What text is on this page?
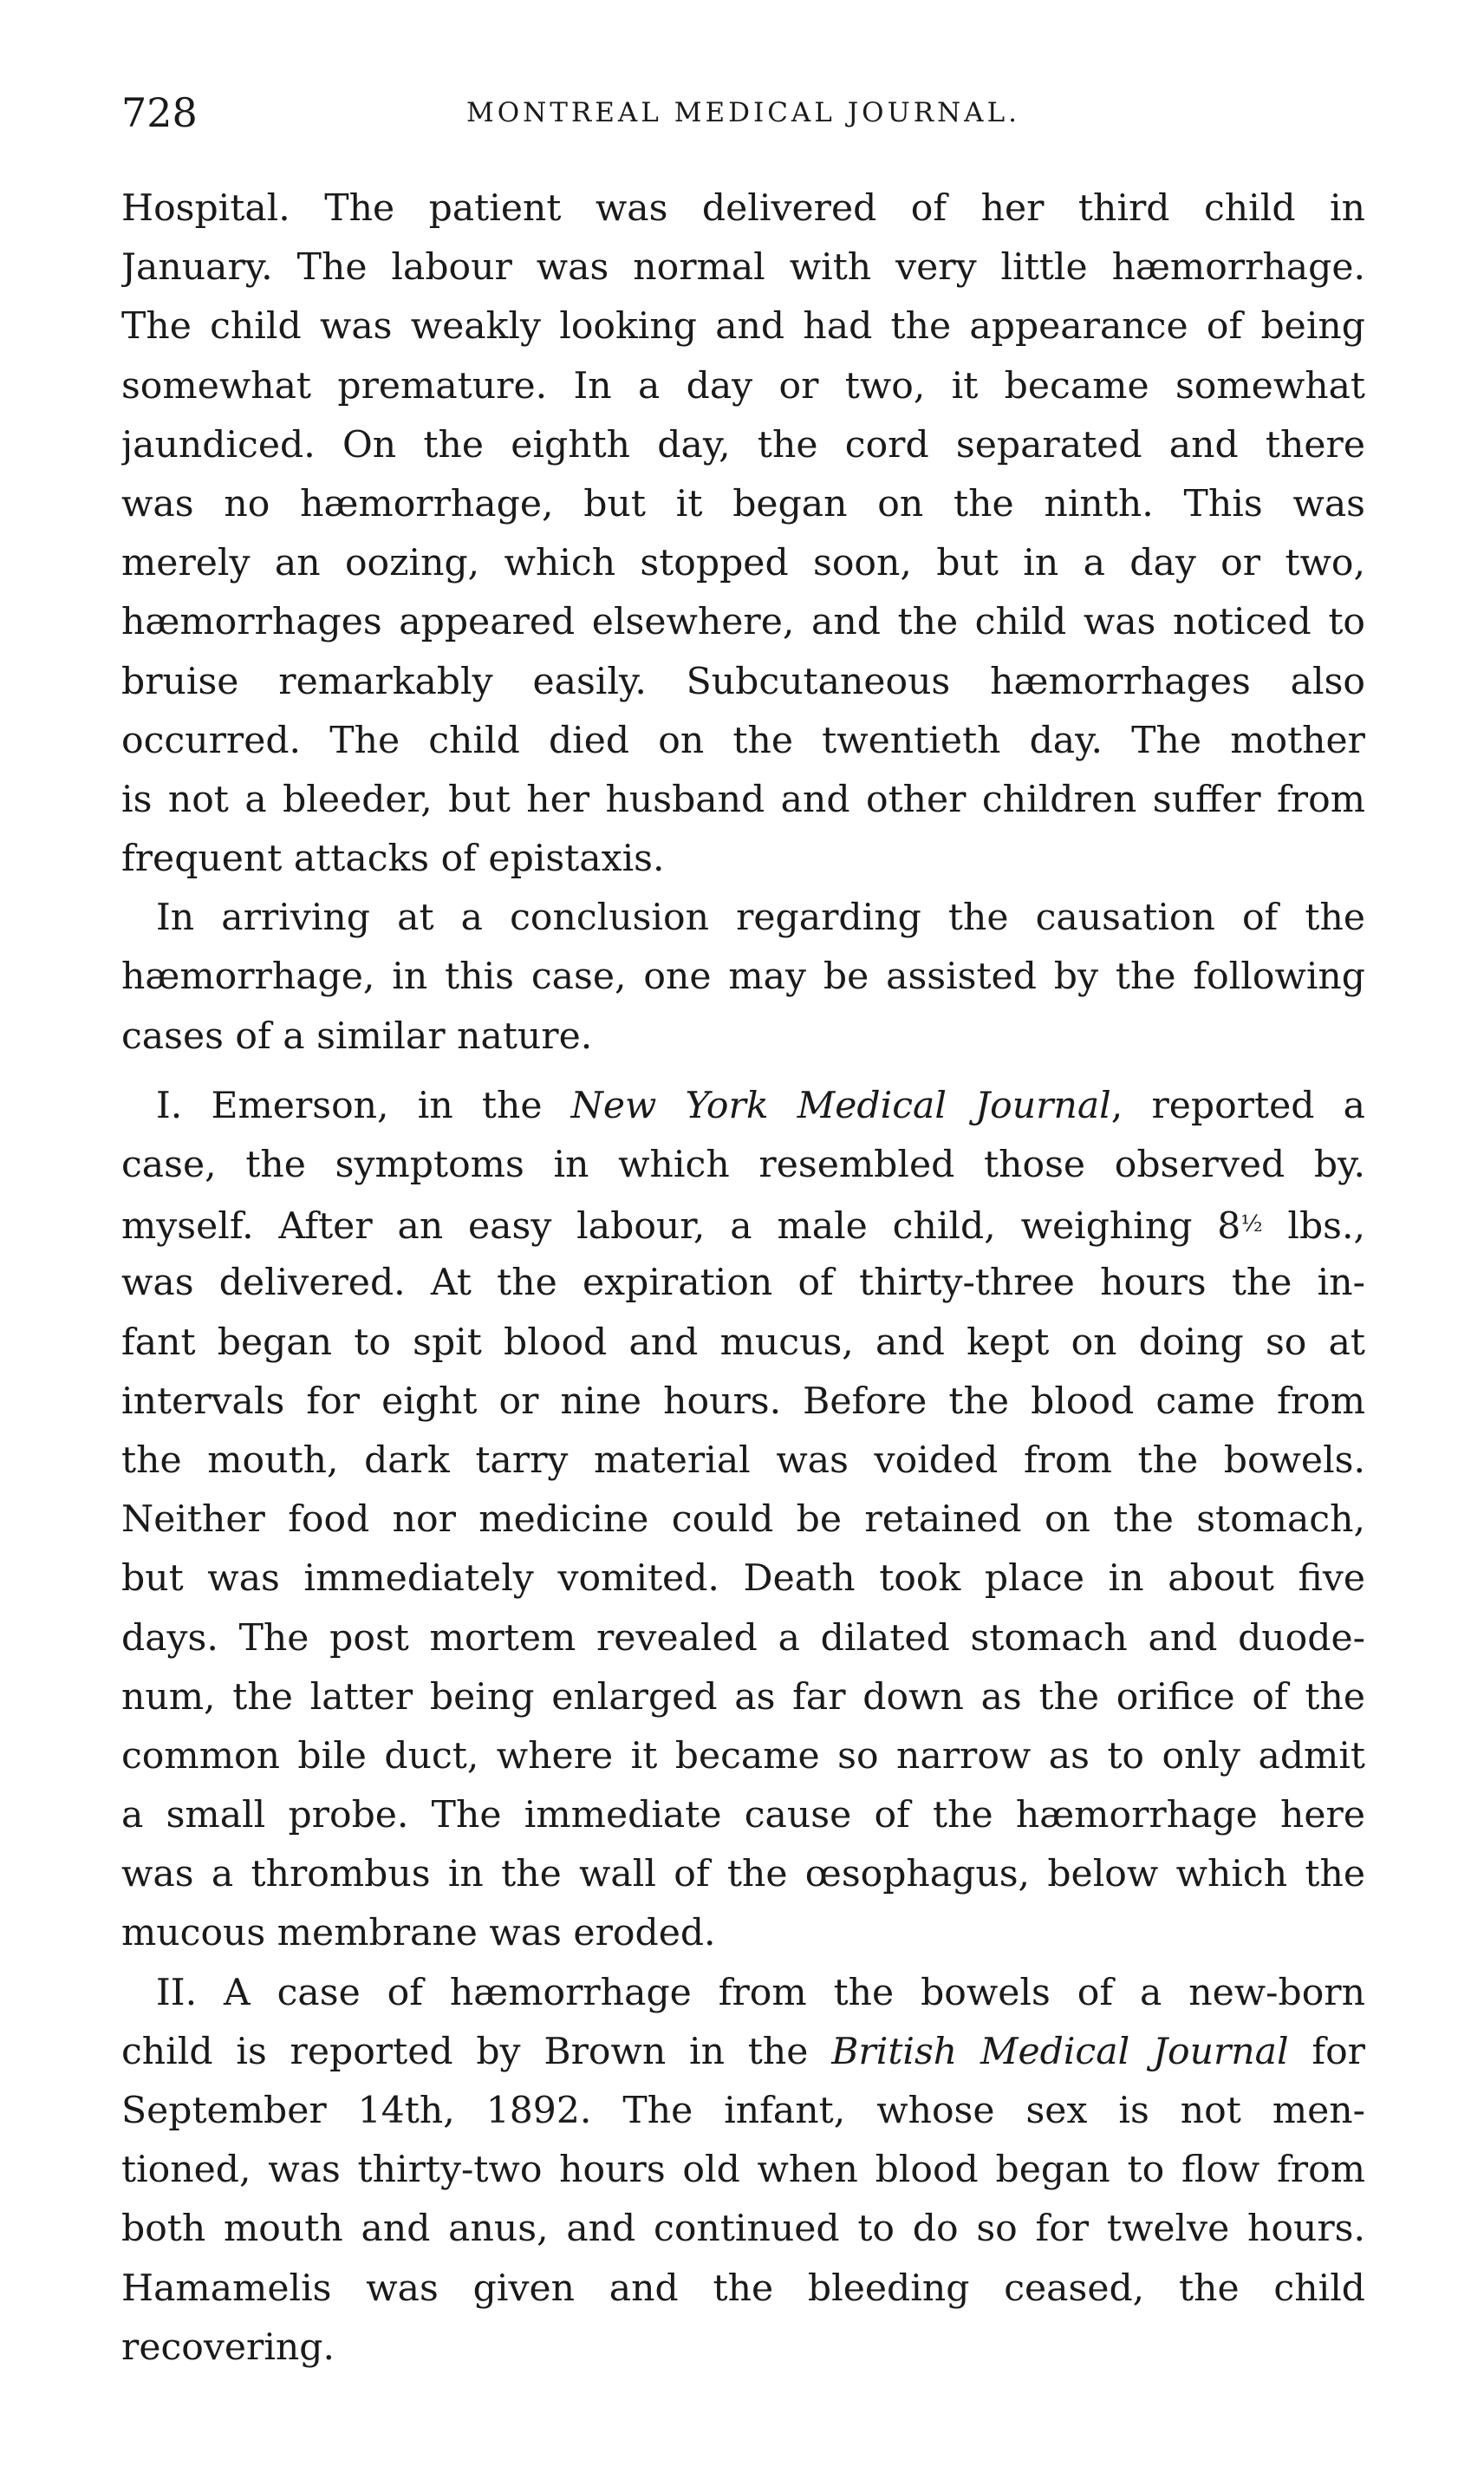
728	MONTREAL MEDICAL JOURNAL.
Hospital. The patient was delivered of her third child in
January. The labour was normal with very little hæmorrhage.
The child was weakly looking and had the appearance of being
somewhat premature. In a day or two, it became somewhat
jaundiced. On the eighth day, the cord separated and there
was no hæmorrhage, but it began on the ninth. This was
merely an oozing, which stopped soon, but in a day or two,
hæmorrhages appeared elsewhere, and the child was noticed to
bruise remarkably easily. Subcutaneous hæmorrhages also
occurred. The child died on the twentieth day. The mother
is not a bleeder, but her husband and other children suffer from
frequent attacks of epistaxis.
In arriving at a conclusion regarding the causation of the
hæmorrhage, in this case, one may be assisted by the following
cases of a similar nature.
I. Emerson, in the New York Medical Journal, reported a
case, the symptoms in which resembled those observed by.
myself. After an easy labour, a male child, weighing 8½ lbs.,
was delivered. At the expiration of thirty-three hours the in-
fant began to spit blood and mucus, and kept on doing so at
intervals for eight or nine hours. Before the blood came from
the mouth, dark tarry material was voided from the bowels.
Neither food nor medicine could be retained on the stomach,
but was immediately vomited. Death took place in about five
days. The post mortem revealed a dilated stomach and duode-
num, the latter being enlarged as far down as the orifice of the
common bile duct, where it became so narrow as to only admit
a small probe. The immediate cause of the hæmorrhage here
was a thrombus in the wall of the œsophagus, below which the
mucous membrane was eroded.
II. A case of hæmorrhage from the bowels of a new-born
child is reported by Brown in the British Medical Journal for
September 14th, 1892. The infant, whose sex is not men-
tioned, was thirty-two hours old when blood began to flow from
both mouth and anus, and continued to do so for twelve hours.
Hamamelis was given and the bleeding ceased, the child
recovering.
